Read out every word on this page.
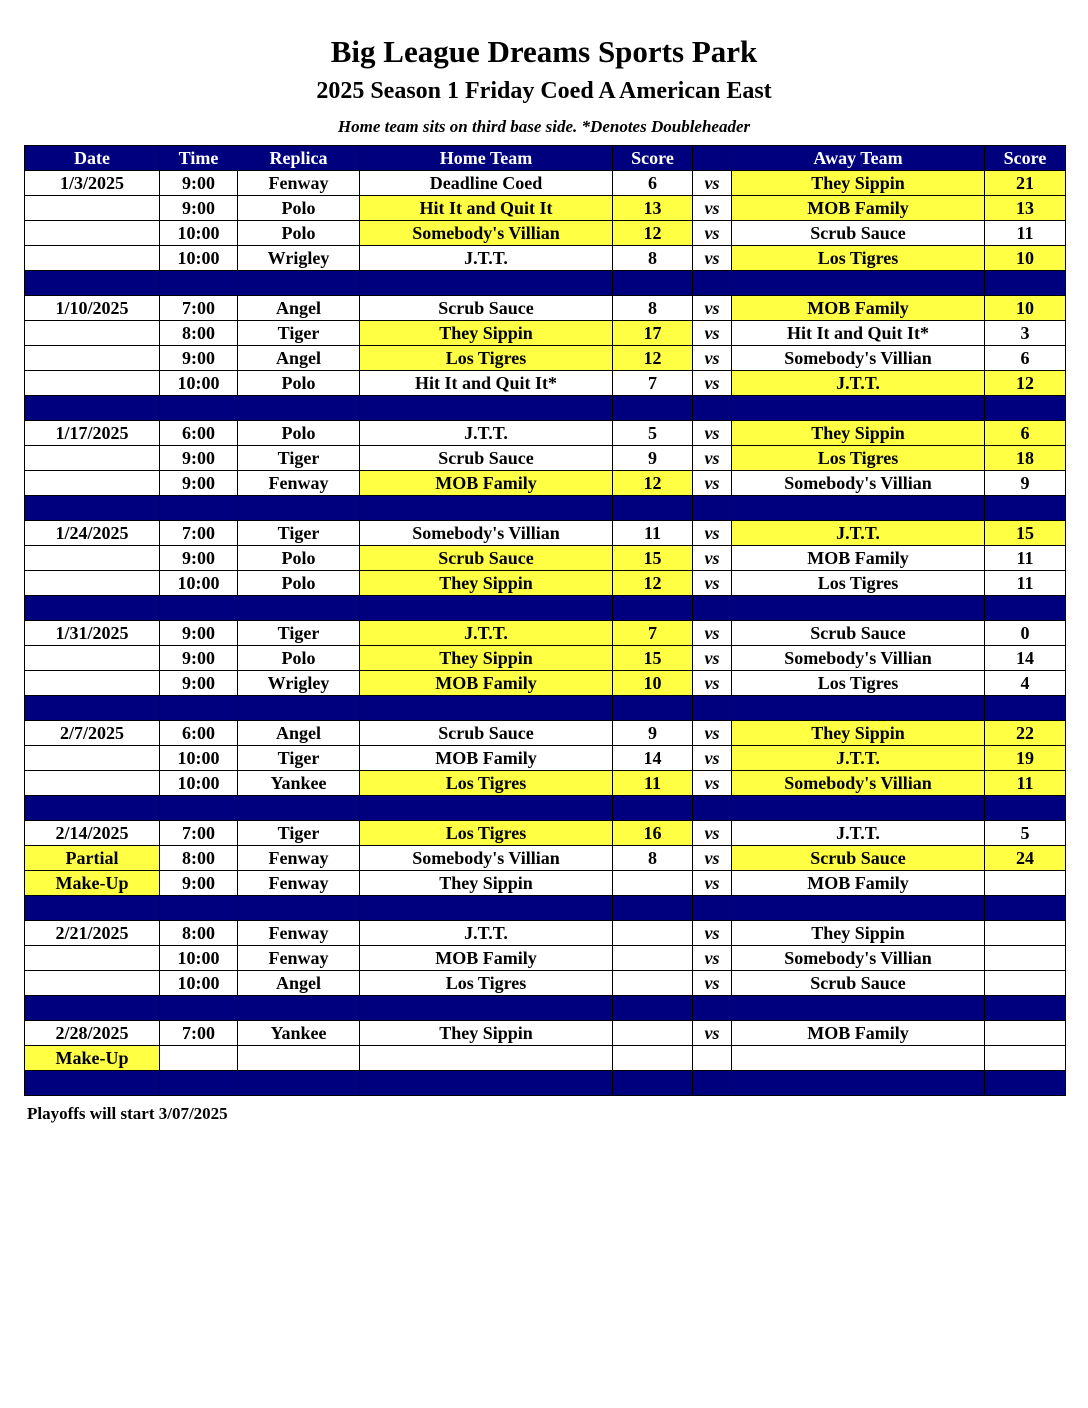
Big League Dreams Sports Park
2025 Season 1 Friday Coed A American East
Home team sits on third base side. *Denotes Doubleheader
Date	Time	Replica	Home Team	Score		Away Team	Score
1/3/2025	9:00	Fenway	Deadline Coed	6	vs	They Sippin	21
	9:00	Polo	Hit It and Quit It	13	vs	MOB Family	13
	10:00	Polo	Somebody's Villian	12	vs	Scrub Sauce	11
	10:00	Wrigley	J.T.T.	8	vs	Los Tigres	10

1/10/2025	7:00	Angel	Scrub Sauce	8	vs	MOB Family	10
	8:00	Tiger	They Sippin	17	vs	Hit It and Quit It*	3
	9:00	Angel	Los Tigres	12	vs	Somebody's Villian	6
	10:00	Polo	Hit It and Quit It*	7	vs	J.T.T.	12

1/17/2025	6:00	Polo	J.T.T.	5	vs	They Sippin	6
	9:00	Tiger	Scrub Sauce	9	vs	Los Tigres	18
	9:00	Fenway	MOB Family	12	vs	Somebody's Villian	9

1/24/2025	7:00	Tiger	Somebody's Villian	11	vs	J.T.T.	15
	9:00	Polo	Scrub Sauce	15	vs	MOB Family	11
	10:00	Polo	They Sippin	12	vs	Los Tigres	11

1/31/2025	9:00	Tiger	J.T.T.	7	vs	Scrub Sauce	0
	9:00	Polo	They Sippin	15	vs	Somebody's Villian	14
	9:00	Wrigley	MOB Family	10	vs	Los Tigres	4

2/7/2025	6:00	Angel	Scrub Sauce	9	vs	They Sippin	22
	10:00	Tiger	MOB Family	14	vs	J.T.T.	19
	10:00	Yankee	Los Tigres	11	vs	Somebody's Villian	11

2/14/2025	7:00	Tiger	Los Tigres	16	vs	J.T.T.	5
Partial	8:00	Fenway	Somebody's Villian	8	vs	Scrub Sauce	24
Make-Up	9:00	Fenway	They Sippin		vs	MOB Family	

2/21/2025	8:00	Fenway	J.T.T.		vs	They Sippin	
	10:00	Fenway	MOB Family		vs	Somebody's Villian	
	10:00	Angel	Los Tigres		vs	Scrub Sauce	

2/28/2025	7:00	Yankee	They Sippin		vs	MOB Family	
Make-Up							

Playoffs will start 3/07/2025
